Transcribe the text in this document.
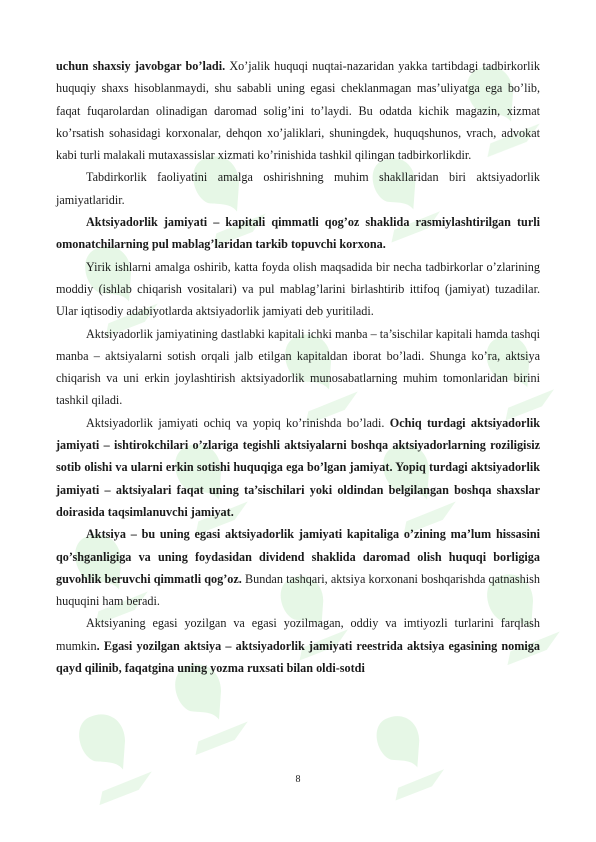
uchun shaxsiy javobgar bo’ladi. Xo’jalik huquqi nuqtai-nazaridan yakka tartibdagi tadbirkorlik huquqiy shaxs hisoblanmaydi, shu sababli uning egasi cheklanmagan mas’uliyatga ega bo’lib, faqat fuqarolardan olinadigan daromad solig’ini to’laydi. Bu odatda kichik magazin, xizmat ko’rsatish sohasidagi korxonalar, dehqon xo’jaliklari, shuningdek, huquqshunos, vrach, advokat kabi turli malakali mutaxassislar xizmati ko’rinishida tashkil qilingan tadbirkorlikdir.

Tabdirkorlik faoliyatini amalga oshirishning muhim shakllaridan biri aktsiyadorlik jamiyatlaridir.

Aktsiyadorlik jamiyati – kapitali qimmatli qog’oz shaklida rasmiylashtirilgan turli omonatchilarning pul mablag’laridan tarkib topuvchi korxona.

Yirik ishlarni amalga oshirib, katta foyda olish maqsadida bir necha tadbirkorlar o’zlarining moddiy (ishlab chiqarish vositalari) va pul mablag’larini birlashtirib ittifoq (jamiyat) tuzadilar. Ular iqtisodiy adabiyotlarda aktsiyadorlik jamiyati deb yuritiladi.

Aktsiyadorlik jamiyatining dastlabki kapitali ichki manba – ta’sischilar kapitali hamda tashqi manba – aktsiyalarni sotish orqali jalb etilgan kapitaldan iborat bo’ladi. Shunga ko’ra, aktsiya chiqarish va uni erkin joylashtirish aktsiyadorlik munosabatlarning muhim tomonlaridan birini tashkil qiladi.

Aktsiyadorlik jamiyati ochiq va yopiq ko’rinishda bo’ladi. Ochiq turdagi aktsiyadorlik jamiyati – ishtirokchilari o’zlariga tegishli aktsiyalarni boshqa aktsiyadorlarning roziligisiz sotib olishi va ularni erkin sotishi huquqiga ega bo’lgan jamiyat. Yopiq turdagi aktsiyadorlik jamiyati – aktsiyalari faqat uning ta’sischilari yoki oldindan belgilangan boshqa shaxslar doirasida taqsimlanuvchi jamiyat.

Aktsiya – bu uning egasi aktsiyadorlik jamiyati kapitaliga o’zining ma’lum hissasini qo’shganligiga va uning foydasidan dividend shaklida daromad olish huquqi borligiga guvohlik beruvchi qimmatli qog’oz. Bundan tashqari, aktsiya korxonani boshqarishda qatnashish huquqini ham beradi.

Aktsiyaning egasi yozilgan va egasi yozilmagan, oddiy va imtiyozli turlarini farqlash mumkin. Egasi yozilgan aktsiya – aktsiyadorlik jamiyati reestrida aktsiya egasining nomiga qayd qilinib, faqatgina uning yozma ruxsati bilan oldi-sotdi

8
